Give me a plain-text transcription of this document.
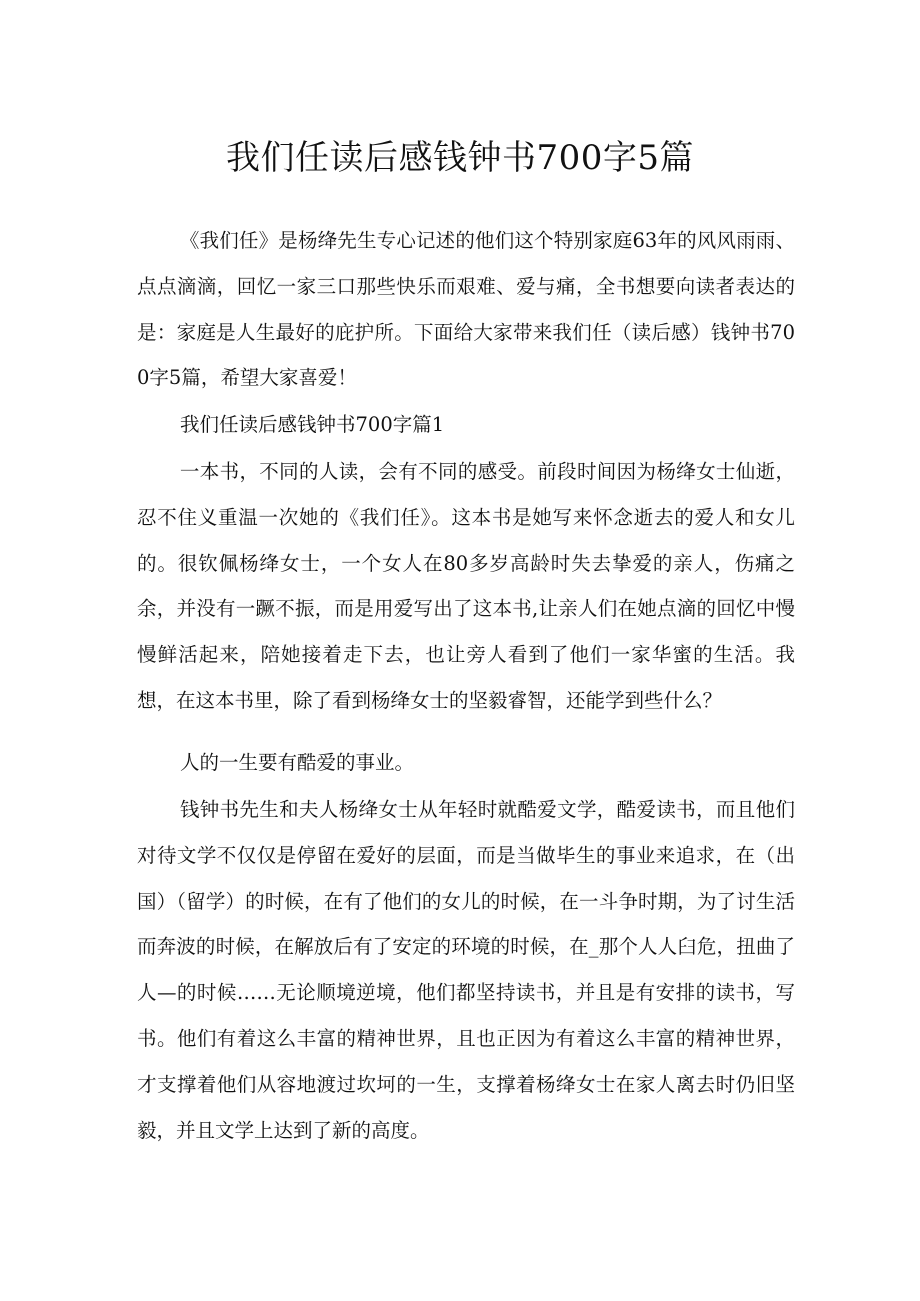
我们任读后感钱钟书700字5篇

《我们任》是杨绛先生专心记述的他们这个特别家庭63年的风风雨雨、点点滴滴，回忆一家三口那些快乐而艰难、爱与痛，全书想要向读者表达的是：家庭是人生最好的庇护所。下面给大家带来我们任（读后感）钱钟书700字5篇，希望大家喜爱！

我们任读后感钱钟书700字篇1

一本书，不同的人读，会有不同的感受。前段时间因为杨绛女士仙逝，忍不住义重温一次她的《我们任》。这本书是她写来怀念逝去的爱人和女儿的。很钦佩杨绛女士，一个女人在80多岁高龄时失去挚爱的亲人，伤痛之余，并没有一蹶不振，而是用爱写出了这本书,让亲人们在她点滴的回忆中慢慢鲜活起来，陪她接着走下去，也让旁人看到了他们一家华蜜的生活。我想，在这本书里，除了看到杨绛女士的坚毅睿智，还能学到些什么？

人的一生要有酷爱的事业。

钱钟书先生和夫人杨绛女士从年轻时就酷爱文学，酷爱读书，而且他们对待文学不仅仅是停留在爱好的层面，而是当做毕生的事业来追求，在（出国）（留学）的时候，在有了他们的女儿的时候，在一斗争时期，为了讨生活而奔波的时候，在解放后有了安定的环境的时候，在_那个人人臼危，扭曲了人—的时候……无论顺境逆境，他们都坚持读书，并且是有安排的读书，写书。他们有着这么丰富的精神世界，且也正因为有着这么丰富的精神世界，才支撑着他们从容地渡过坎坷的一生，支撑着杨绛女士在家人离去时仍旧坚毅，并且文学上达到了新的高度。
